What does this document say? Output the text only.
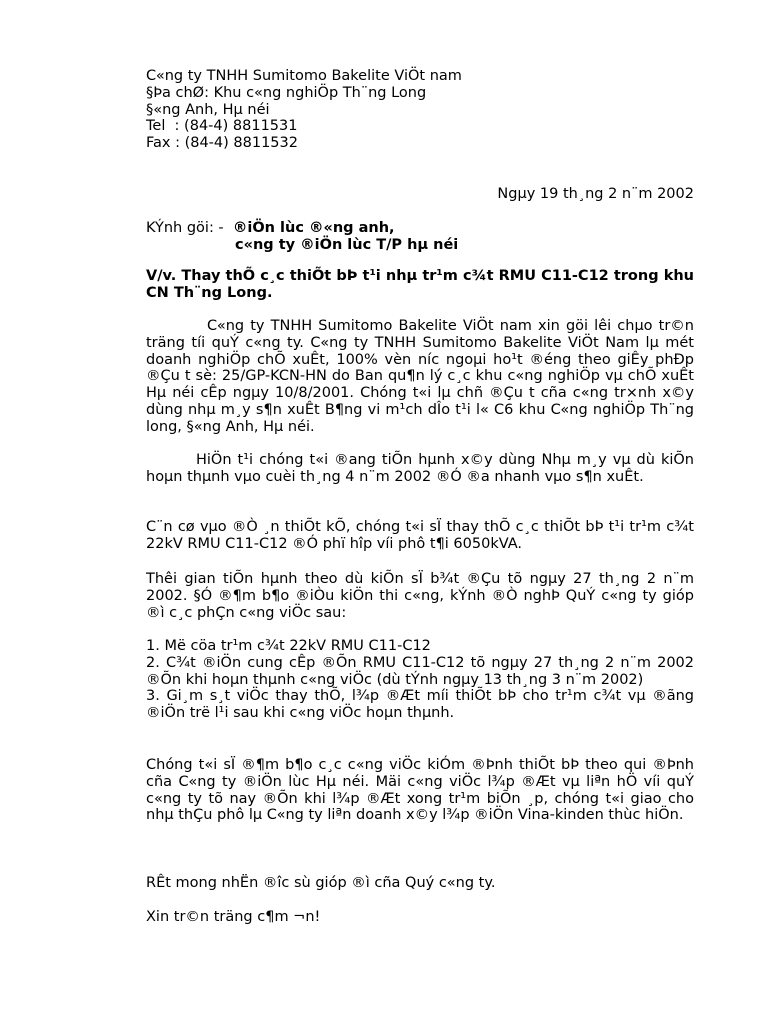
C«ng ty TNHH Sumitomo Bakelite ViÖt nam
§Þa chØ: Khu c«ng nghiÖp Th¨ng Long
§«ng Anh, Hµ néi
Tel  : (84-4) 8811531
Fax : (84-4) 8811532
Ngµy 19 th¸ng 2 n¨m 2002
KÝnh göi: -  ®iÖn lùc ®«ng anh,
c«ng ty ®iÖn lùc T/P hµ néi
V/v. Thay thÕ c¸c thiÕt bÞ t¹i nhµ tr¹m c¾t RMU C11-C12 trong khu CN Th¨ng Long.
C«ng ty TNHH Sumitomo Bakelite ViÖt nam xin göi lêi chµo tr©n träng tíi quÝ c«ng ty. C«ng ty TNHH Sumitomo Bakelite ViÖt Nam lµ mét doanh nghiÖp chÕ xuÊt, 100% vèn níc ngoµi ho¹t ®éng theo giÊy phÐp ®Çu t sè: 25/GP-KCN-HN do Ban qu¶n lý c¸c khu c«ng nghiÖp vµ chÕ xuÊt Hµ néi cÊp ngµy 10/8/2001. Chóng t«i lµ chñ ®Çu t cña c«ng tr×nh x©y dùng nhµ m¸y s¶n xuÊt B¶ng vi m¹ch dÎo t¹i l« C6 khu C«ng nghiÖp Th¨ng long, §«ng Anh, Hµ néi.
HiÖn t¹i chóng t«i ®ang tiÕn hµnh x©y dùng Nhµ m¸y vµ dù kiÕn hoµn thµnh vµo cuèi th¸ng 4 n¨m 2002 ®Ó ®a nhanh vµo s¶n xuÊt.
C¨n cø vµo ®Ò ¸n thiÕt kÕ, chóng t«i sÏ thay thÕ c¸c thiÕt bÞ t¹i tr¹m c¾t 22kV RMU C11-C12 ®Ó phï hîp víi phô t¶i 6050kVA.
Thêi gian tiÕn hµnh theo dù kiÕn sÏ b¾t ®Çu tõ ngµy 27 th¸ng 2 n¨m 2002. §Ó ®¶m b¶o ®iÒu kiÖn thi c«ng, kÝnh ®Ò nghÞ QuÝ c«ng ty gióp ®ì c¸c phÇn c«ng viÖc sau:
1. Më cöa tr¹m c¾t 22kV RMU C11-C12
2. C¾t ®iÖn cung cÊp ®Õn RMU C11-C12 tõ ngµy 27 th¸ng 2 n¨m 2002 ®Õn khi hoµn thµnh c«ng viÖc (dù tÝnh ngµy 13 th¸ng 3 n¨m 2002)
3. Gi¸m s¸t viÖc thay thÕ, l¾p ®Æt míi thiÕt bÞ cho tr¹m c¾t vµ ®ãng ®iÖn trë l¹i sau khi c«ng viÖc hoµn thµnh.
Chóng t«i sÏ ®¶m b¶o c¸c c«ng viÖc kiÓm ®Þnh thiÕt bÞ theo qui ®Þnh cña C«ng ty ®iÖn lùc Hµ néi. Mäi c«ng viÖc l¾p ®Æt vµ liªn hÖ víi quÝ c«ng ty tõ nay ®Õn khi l¾p ®Æt xong tr¹m biÕn ¸p, chóng t«i giao cho nhµ thÇu phô lµ C«ng ty liªn doanh x©y l¾p ®iÖn Vina-kinden thùc hiÖn.
RÊt mong nhËn ®îc sù gióp ®ì cña Quý c«ng ty.
Xin tr©n träng c¶m ¬n!
